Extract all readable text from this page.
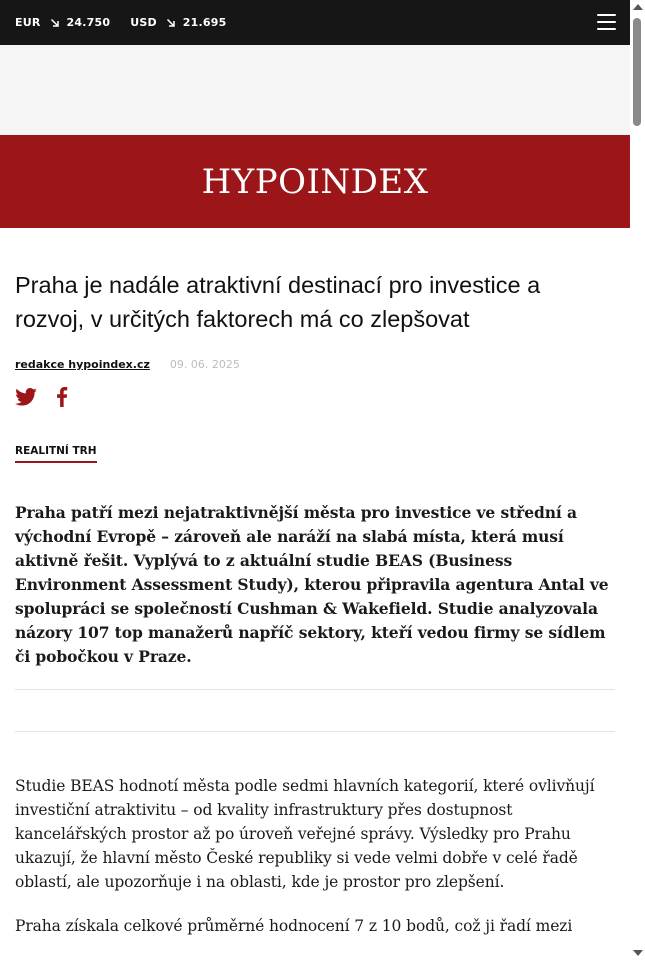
EUR 24.750 USD 21.695
HYPOINDEX
Praha je nadále atraktivní destinací pro investice a rozvoj, v určitých faktorech má co zlepšovat
redakce hypoindex.cz 09. 06. 2025
REALITNÍ TRH

Praha patří mezi nejatraktivnější města pro investice ve střední a východní Evropě – zároveň ale naráží na slabá místa, která musí aktivně řešit. Vyplývá to z aktuální studie BEAS (Business Environment Assessment Study), kterou připravila agentura Antal ve spolupráci se společností Cushman & Wakefield. Studie analyzovala názory 107 top manažerů napříč sektory, kteří vedou firmy se sídlem či pobočkou v Praze.

Studie BEAS hodnotí města podle sedmi hlavních kategorií, které ovlivňují investiční atraktivitu – od kvality infrastruktury přes dostupnost kancelářských prostor až po úroveň veřejné správy. Výsledky pro Prahu ukazují, že hlavní město České republiky si vede velmi dobře v celé řadě oblastí, ale upozorňuje i na oblasti, kde je prostor pro zlepšení.

Praha získala celkové průměrné hodnocení 7 z 10 bodů, což ji řadí mezi
